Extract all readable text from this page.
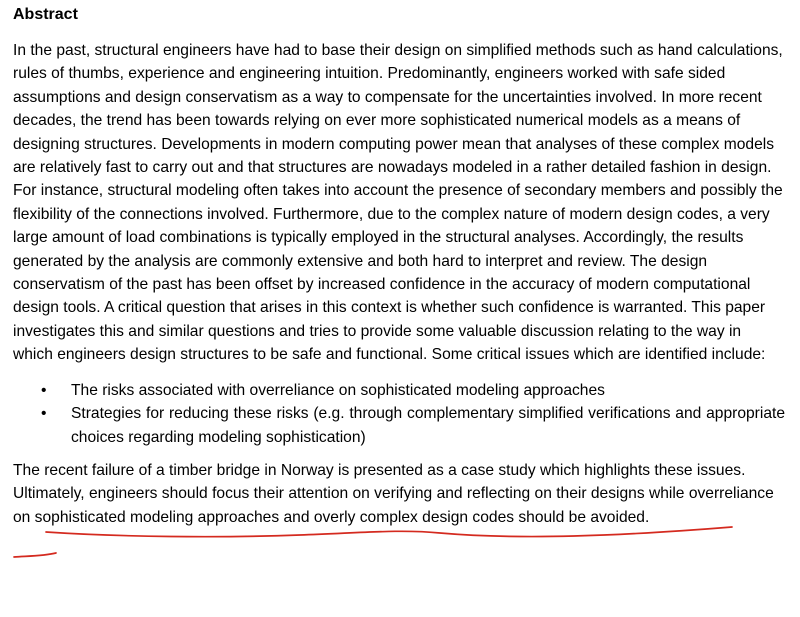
Abstract

In the past, structural engineers have had to base their design on simplified methods such as hand calculations, rules of thumbs, experience and engineering intuition. Predominantly, engineers worked with safe sided assumptions and design conservatism as a way to compensate for the uncertainties involved. In more recent decades, the trend has been towards relying on ever more sophisticated numerical models as a means of designing structures. Developments in modern computing power mean that analyses of these complex models are relatively fast to carry out and that structures are nowadays modeled in a rather detailed fashion in design. For instance, structural modeling often takes into account the presence of secondary members and possibly the flexibility of the connections involved. Furthermore, due to the complex nature of modern design codes, a very large amount of load combinations is typically employed in the structural analyses. Accordingly, the results generated by the analysis are commonly extensive and both hard to interpret and review. The design conservatism of the past has been offset by increased confidence in the accuracy of modern computational design tools. A critical question that arises in this context is whether such confidence is warranted. This paper investigates this and similar questions and tries to provide some valuable discussion relating to the way in which engineers design structures to be safe and functional. Some critical issues which are identified include:

• The risks associated with overreliance on sophisticated modeling approaches
• Strategies for reducing these risks (e.g. through complementary simplified verifications and appropriate choices regarding modeling sophistication)

The recent failure of a timber bridge in Norway is presented as a case study which highlights these issues. Ultimately, engineers should focus their attention on verifying and reflecting on their designs while overreliance on sophisticated modeling approaches and overly complex design codes should be avoided.
